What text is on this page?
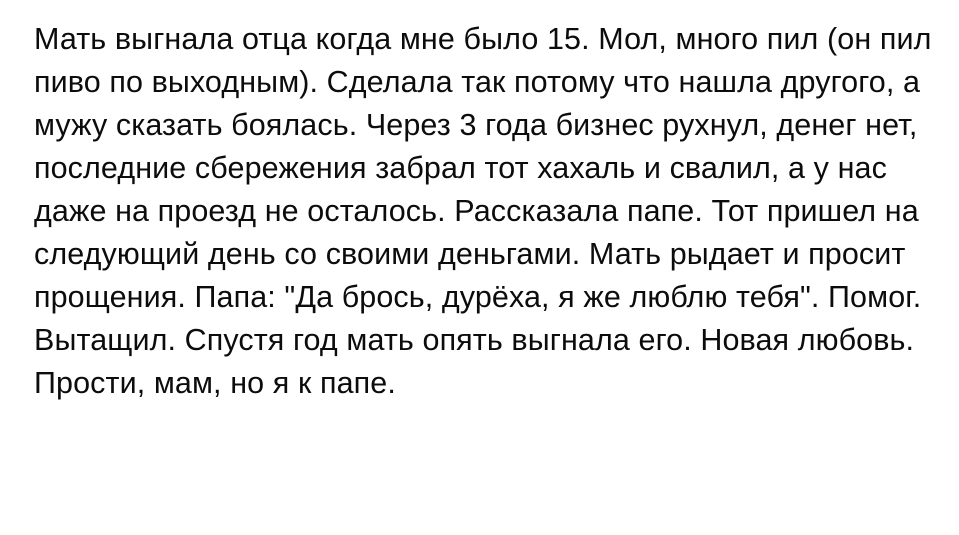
Мать выгнала отца когда мне было 15. Мол, много пил (он пил пиво по выходным). Сделала так потому что нашла другого, а мужу сказать боялась. Через 3 года бизнес рухнул, денег нет, последние сбережения забрал тот хахаль и свалил, а у нас даже на проезд не осталось. Рассказала папе. Тот пришел на следующий день со своими деньгами. Мать рыдает и просит прощения. Папа: "Да брось, дурёха, я же люблю тебя". Помог. Вытащил. Спустя год мать опять выгнала его. Новая любовь. Прости, мам, но я к папе.
